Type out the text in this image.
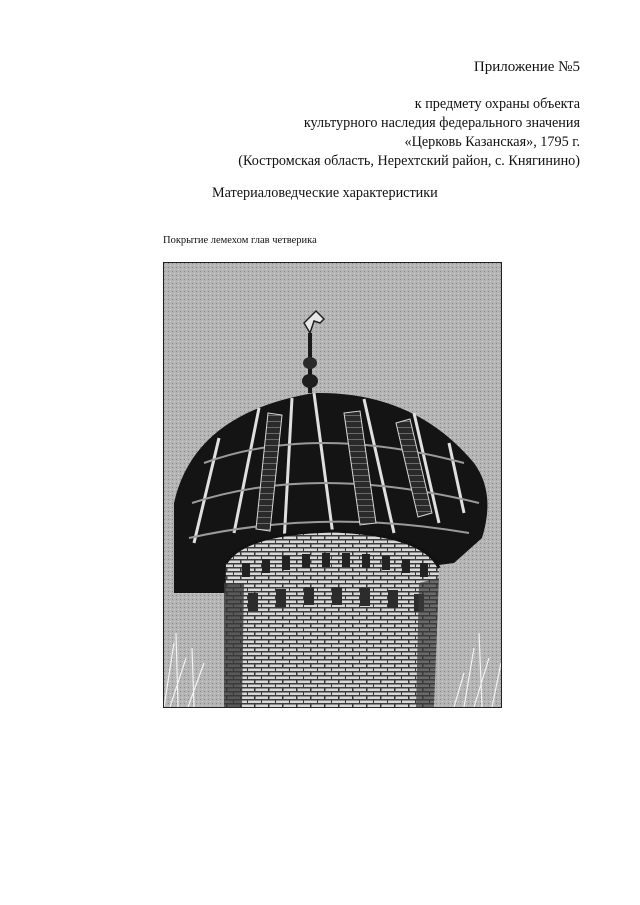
Приложение №5
к предмету охраны объекта
культурного наследия федерального значения
«Церковь Казанская», 1795 г.
(Костромская область, Нерехтский район, с. Княгинино)
Материаловедческие характеристики
Покрытие лемехом глав четверика
